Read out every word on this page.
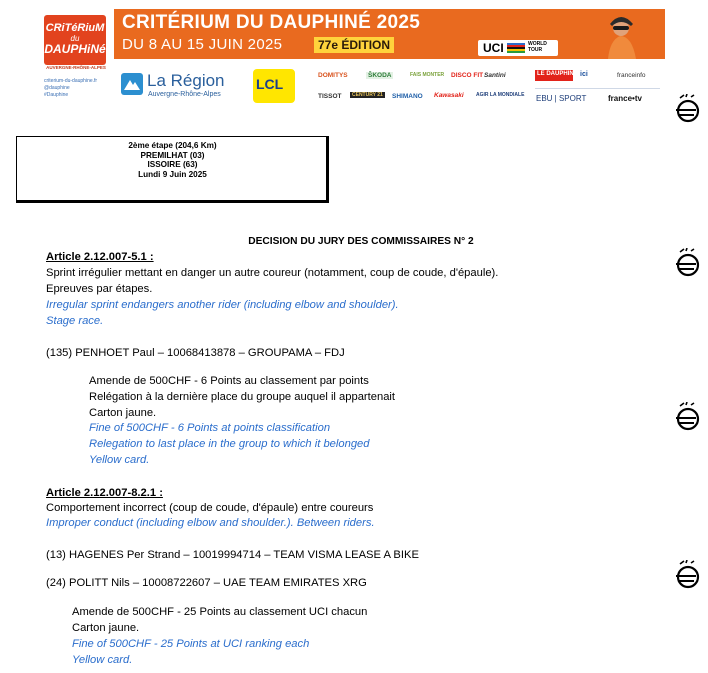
CRiTéRiuM
du
DAUPHiNé
AUVERGNE-RHÔNE-ALPES
criterium-du-dauphine.fr
@dauphine
#Dauphine
CRITÉRIUM DU DAUPHINÉ 2025
DU 8 AU 15 JUIN 2025	77e ÉDITION	UCI	WORLD TOUR
La Région
Auvergne-Rhône-Alpes
LCL
DOMITYS	ŠKODA	FAIS MONTER DISCO FIT Santini
TISSOT	CENTURY 21	SHIMANO Kawasaki AGIR LA MONDIALE
LE DAUPHINÉ ici	franceinfo
EBU | SPORT	france•tv
2ème étape (204,6 Km)
PREMILHAT (03)
ISSOIRE (63)
Lundi 9 Juin 2025
DECISION DU JURY DES COMMISSAIRES N° 2
Article 2.12.007-5.1 :
Sprint irrégulier mettant en danger un autre coureur (notamment, coup de coude, d'épaule).
Epreuves par étapes.
Irregular sprint endangers another rider (including elbow and shoulder).
Stage race.
(135) PENHOET Paul – 10068413878 – GROUPAMA – FDJ
Amende de 500CHF - 6 Points au classement par points
Relégation à la dernière place du groupe auquel il appartenait
Carton jaune.
Fine of 500CHF - 6 Points at points classification
Relegation to last place in the group to which it belonged
Yellow card.
Article 2.12.007-8.2.1 :
Comportement incorrect (coup de coude, d'épaule) entre coureurs
Improper conduct (including elbow and shoulder.). Between riders.
(13) HAGENES Per Strand – 10019994714 – TEAM VISMA LEASE A BIKE
(24) POLITT Nils – 10008722607 – UAE TEAM EMIRATES XRG
Amende de 500CHF - 25 Points au classement UCI chacun
Carton jaune.
Fine of 500CHF - 25 Points at UCI ranking each
Yellow card.
